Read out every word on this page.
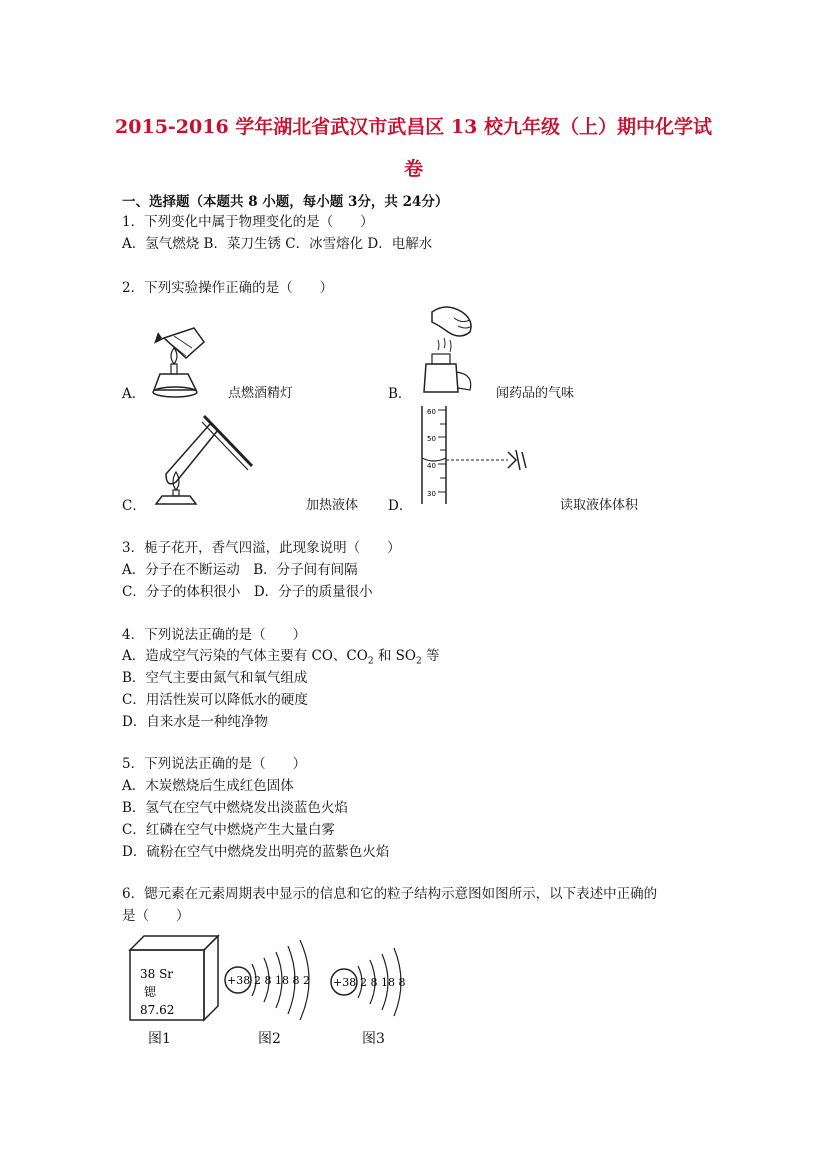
2015-2016 学年湖北省武汉市武昌区 13 校九年级（上）期中化学试
卷
一、选择题（本题共 8 小题，每小题 3分，共 24分）
1．下列变化中属于物理变化的是（　　）
A．氢气燃烧 B．菜刀生锈 C．冰雪熔化 D．电解水
2．下列实验操作正确的是（　　）
A．	点燃酒精灯	B．	闻药品的气味
C．	加热液体 D．
60
50
40
30
读取液体体积
3．栀子花开，香气四溢，此现象说明（　　）
A．分子在不断运动　B．分子间有间隔
C．分子的体积很小　D．分子的质量很小
4．下列说法正确的是（　　）
A．造成空气污染的气体主要有 CO、$CO_2$ 和 $SO_2$ 等
B．空气主要由氮气和氧气组成
C．用活性炭可以降低水的硬度
D．自来水是一种纯净物
5．下列说法正确的是（　　）
A．木炭燃烧后生成红色固体
B．氢气在空气中燃烧发出淡蓝色火焰
C．红磷在空气中燃烧产生大量白雾
D．硫粉在空气中燃烧发出明亮的蓝紫色火焰
6．锶元素在元素周期表中显示的信息和它的粒子结构示意图如图所示，以下表述中正确的
是（　　）
38 Sr
锶
87.62
图1
+38 2 8 18 8 2
图2
+38 2 8 18 8
图3
